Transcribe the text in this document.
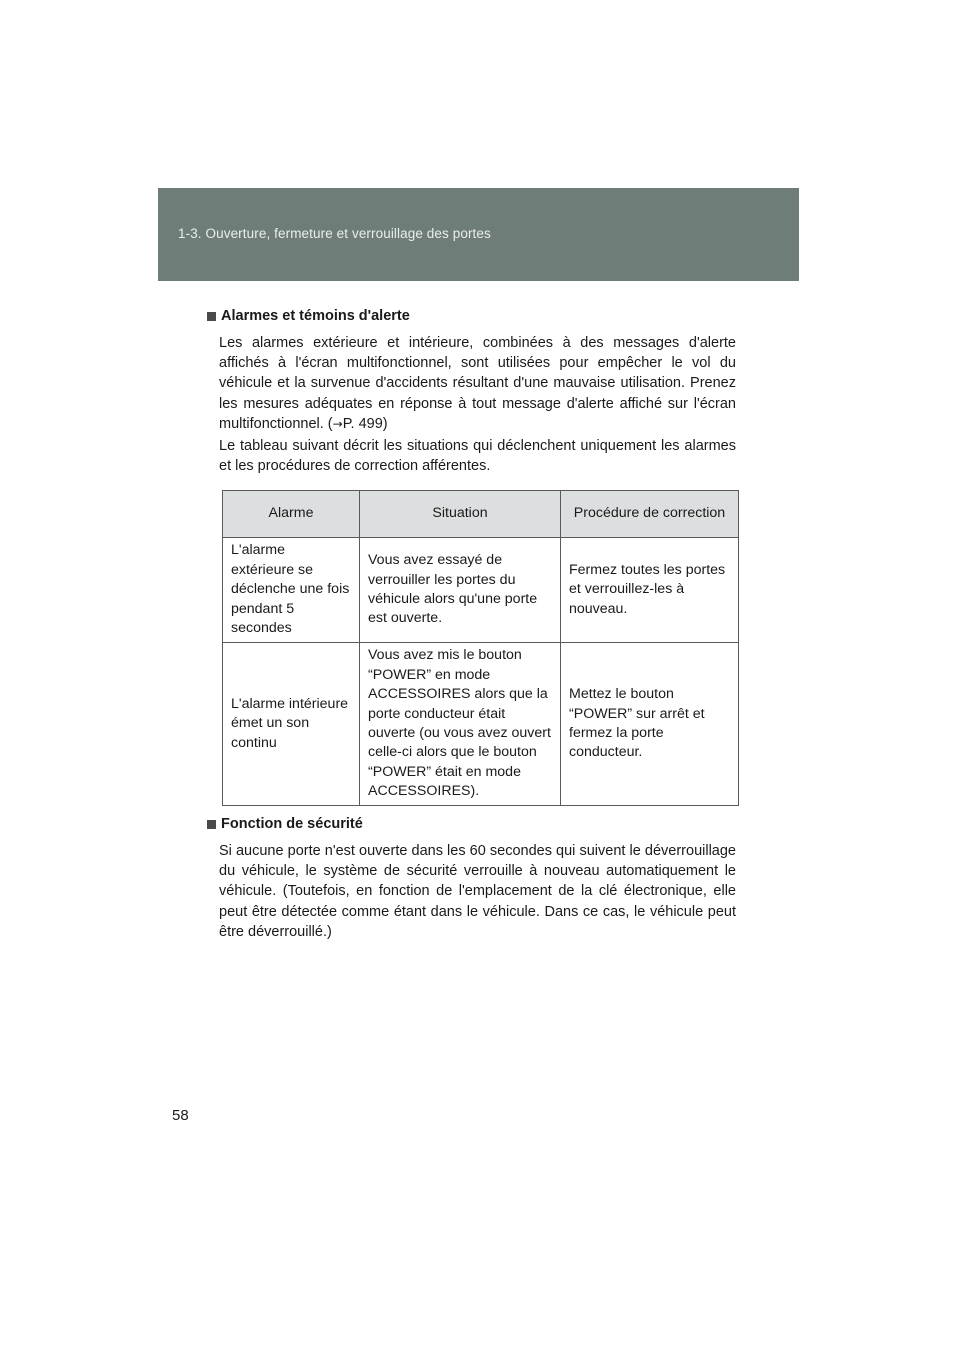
1-3. Ouverture, fermeture et verrouillage des portes
Alarmes et témoins d'alerte
Les alarmes extérieure et intérieure, combinées à des messages d'alerte affichés à l'écran multifonctionnel, sont utilisées pour empêcher le vol du véhicule et la survenue d'accidents résultant d'une mauvaise utilisation. Prenez les mesures adéquates en réponse à tout message d'alerte affiché sur l'écran multifonctionnel. (→P. 499)
Le tableau suivant décrit les situations qui déclenchent uniquement les alarmes et les procédures de correction afférentes.
Alarme	Situation	Procédure de correction
L'alarme extérieure se déclenche une fois pendant 5 secondes	Vous avez essayé de verrouiller les portes du véhicule alors qu'une porte est ouverte.	Fermez toutes les portes et verrouillez-les à nouveau.
L'alarme intérieure émet un son continu	Vous avez mis le bouton “POWER” en mode ACCESSOIRES alors que la porte conducteur était ouverte (ou vous avez ouvert celle-ci alors que le bouton “POWER” était en mode ACCESSOIRES).	Mettez le bouton “POWER” sur arrêt et fermez la porte conducteur.
Fonction de sécurité
Si aucune porte n'est ouverte dans les 60 secondes qui suivent le déverrouillage du véhicule, le système de sécurité verrouille à nouveau automatiquement le véhicule. (Toutefois, en fonction de l'emplacement de la clé électronique, elle peut être détectée comme étant dans le véhicule. Dans ce cas, le véhicule peut être déverrouillé.)
58
